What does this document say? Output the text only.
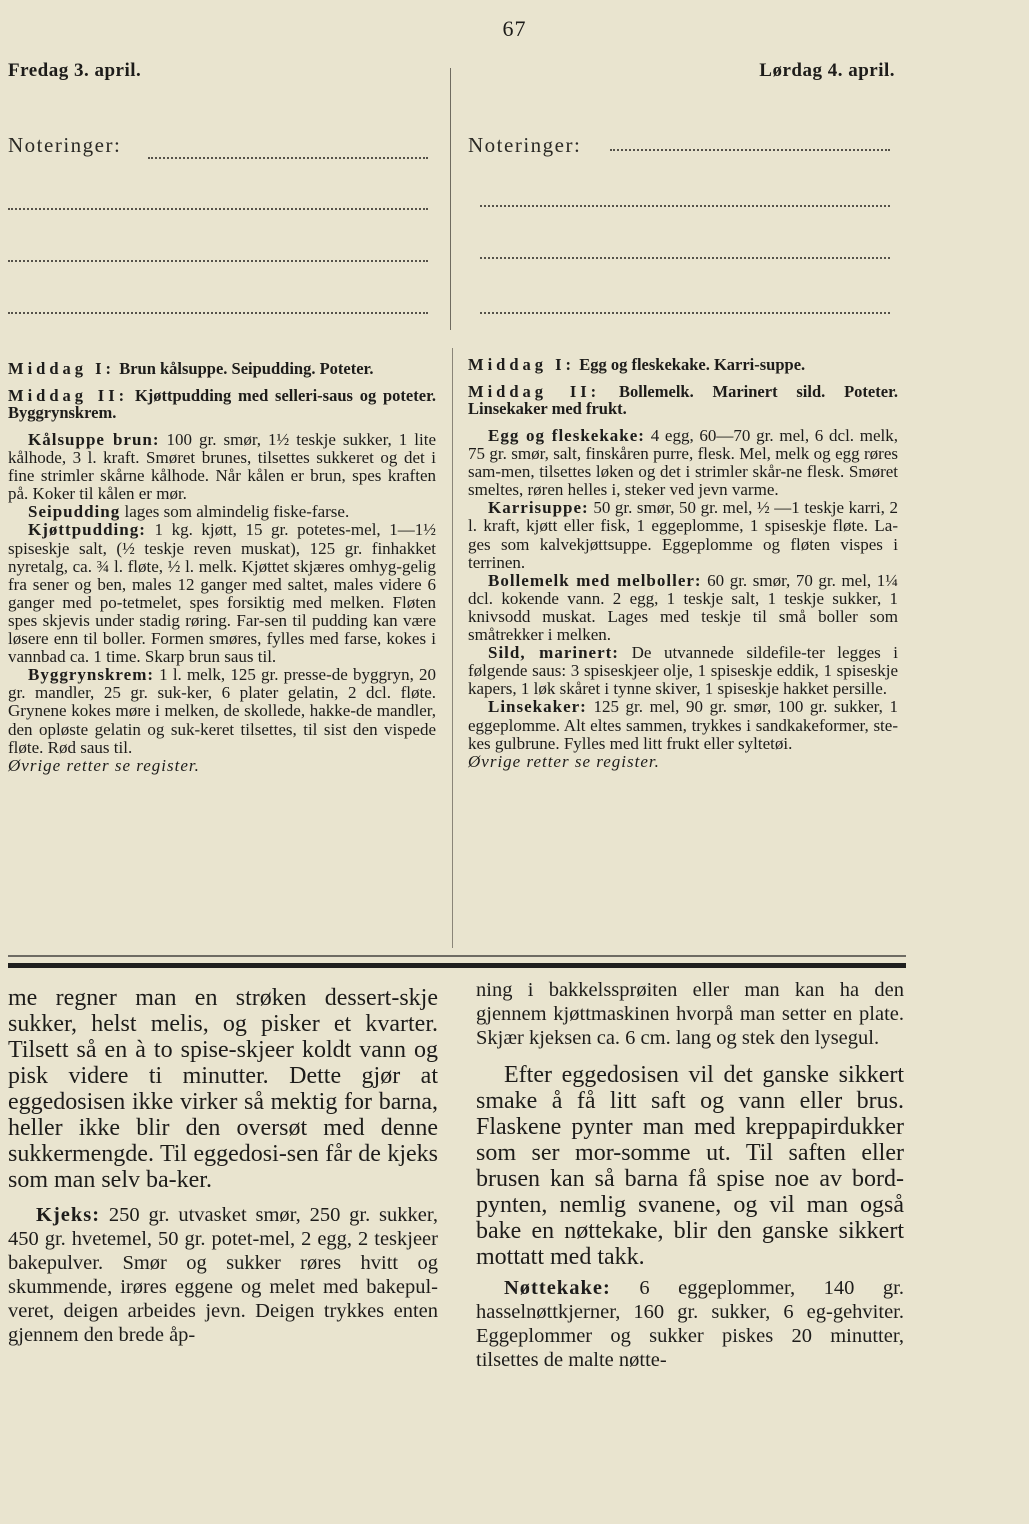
67
Fredag 3. april.	Lørdag 4. april.
Noteringer:	Noteringer:

Middag I: Brun kålsuppe. Seipudding. Poteter.

Middag II: Kjøttpudding med selleri-saus og poteter. Byggrynskrem.

Kålsuppe brun: 100 gr. smør, 1½ teskje sukker, 1 lite kålhode, 3 l. kraft. Smøret brunes, tilsettes sukkeret og det i fine strimler skårne kålhode. Når kålen er brun, spes kraften på. Koker til kålen er mør.

Seipudding lages som almindelig fiske-farse.

Kjøttpudding: 1 kg. kjøtt, 15 gr. potetes-mel, 1—1½ spiseskje salt, (½ teskje reven muskat), 125 gr. finhakket nyretalg, ca. ¾ l. fløte, ½ l. melk. Kjøttet skjæres omhyg-gelig fra sener og ben, males 12 ganger med saltet, males videre 6 ganger med po-tetmelet, spes forsiktig med melken. Fløten spes skjevis under stadig røring. Far-sen til pudding kan være løsere enn til boller. Formen smøres, fylles med farse, kokes i vannbad ca. 1 time. Skarp brun saus til.

Byggrynskrem: 1 l. melk, 125 gr. presse-de byggryn, 20 gr. mandler, 25 gr. suk-ker, 6 plater gelatin, 2 dcl. fløte. Grynene kokes møre i melken, de skollede, hakke-de mandler, den opløste gelatin og suk-keret tilsettes, til sist den vispede fløte. Rød saus til.

Øvrige retter se register.

Middag I: Egg og fleskekake. Karri-suppe.

Middag II: Bollemelk. Marinert sild. Poteter. Linsekaker med frukt.

Egg og fleskekake: 4 egg, 60—70 gr. mel, 6 dcl. melk, 75 gr. smør, salt, finskåren purre, flesk. Mel, melk og egg røres sam-men, tilsettes løken og det i strimler skår-ne flesk. Smøret smeltes, røren helles i, steker ved jevn varme.

Karrisuppe: 50 gr. smør, 50 gr. mel, ½ —1 teskje karri, 2 l. kraft, kjøtt eller fisk, 1 eggeplomme, 1 spiseskje fløte. La-ges som kalvekjøttsuppe. Eggeplomme og fløten vispes i terrinen.

Bollemelk med melboller: 60 gr. smør, 70 gr. mel, 1¼ dcl. kokende vann. 2 egg, 1 teskje salt, 1 teskje sukker, 1 knivsodd muskat. Lages med teskje til små boller som småtrekker i melken.

Sild, marinert: De utvannede sildefile-ter legges i følgende saus: 3 spiseskjeer olje, 1 spiseskje eddik, 1 spiseskje kapers, 1 løk skåret i tynne skiver, 1 spiseskje hakket persille.

Linsekaker: 125 gr. mel, 90 gr. smør, 100 gr. sukker, 1 eggeplomme. Alt eltes sammen, trykkes i sandkakeformer, ste-kes gulbrune. Fylles med litt frukt eller syltetøi.

Øvrige retter se register.

me regner man en strøken dessert-skje sukker, helst melis, og pisker et kvarter. Tilsett så en à to spise-skjeer koldt vann og pisk videre ti minutter. Dette gjør at eggedosisen ikke virker så mektig for barna, heller ikke blir den oversøt med denne sukkermengde. Til eggedosi-sen får de kjeks som man selv ba-ker.

Kjeks: 250 gr. utvasket smør, 250 gr. sukker, 450 gr. hvetemel, 50 gr. potet-mel, 2 egg, 2 teskjeer bakepulver. Smør og sukker røres hvitt og skummende, irøres eggene og melet med bakepul-veret, deigen arbeides jevn. Deigen trykkes enten gjennem den brede åp-

ning i bakkelssprøiten eller man kan ha den gjennem kjøttmaskinen hvorpå man setter en plate. Skjær kjeksen ca. 6 cm. lang og stek den lysegul.

Efter eggedosisen vil det ganske sikkert smake å få litt saft og vann eller brus. Flaskene pynter man med kreppapirdukker som ser mor-somme ut. Til saften eller brusen kan så barna få spise noe av bord-pynten, nemlig svanene, og vil man også bake en nøttekake, blir den ganske sikkert mottatt med takk.

Nøttekake: 6 eggeplommer, 140 gr. hasselnøttkjerner, 160 gr. sukker, 6 eg-gehviter. Eggeplommer og sukker piskes 20 minutter, tilsettes de malte nøtte-
